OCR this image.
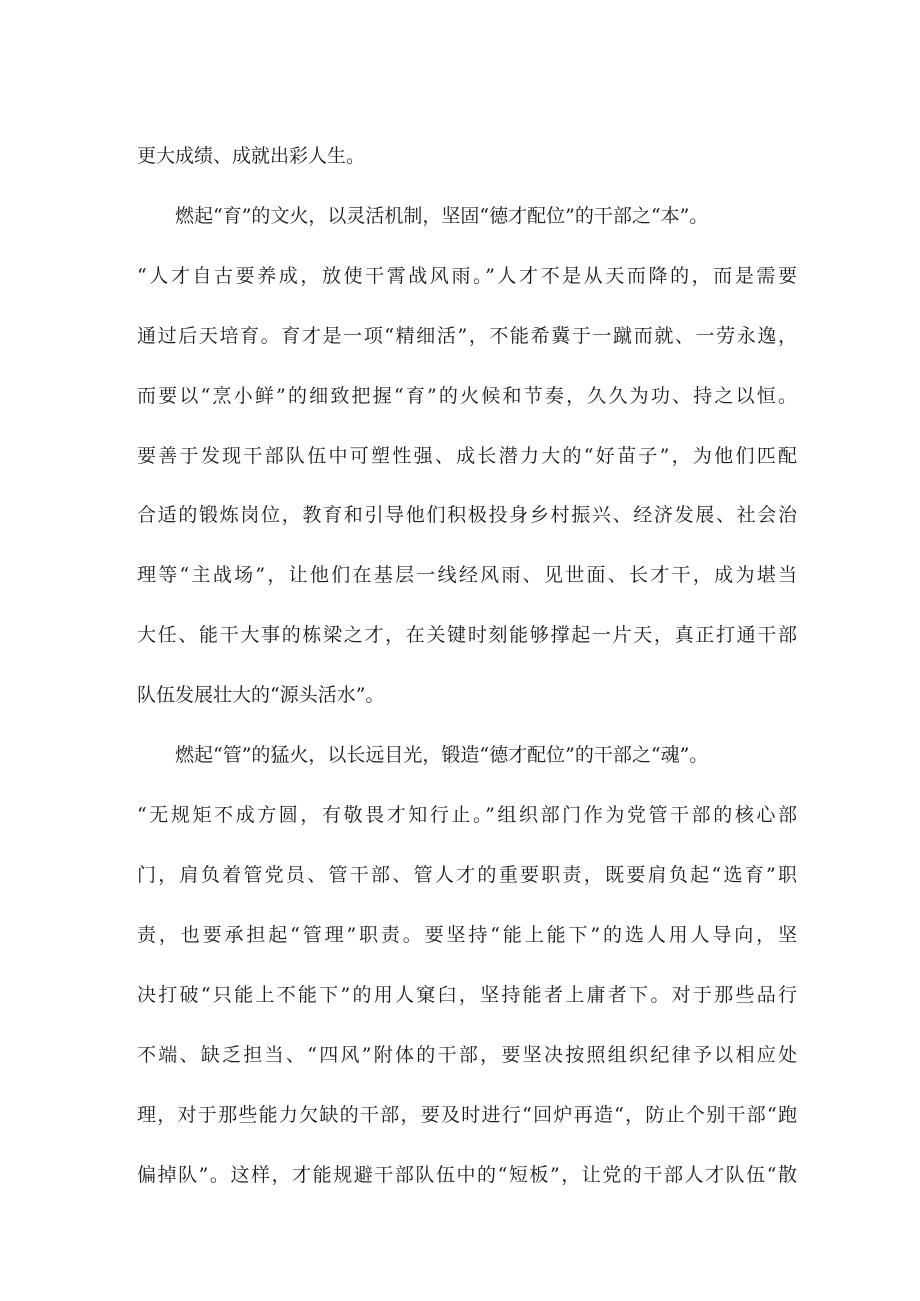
更大成绩、成就出彩人生。
燃起“育”的文火，以灵活机制，坚固“德才配位”的干部之“本”。
“人才自古要养成，放使干霄战风雨。”人才不是从天而降的，而是需要
通过后天培育。育才是一项“精细活”，不能希冀于一蹴而就、一劳永逸，
而要以“烹小鲜”的细致把握“育”的火候和节奏，久久为功、持之以恒。
要善于发现干部队伍中可塑性强、成长潜力大的“好苗子”，为他们匹配
合适的锻炼岗位，教育和引导他们积极投身乡村振兴、经济发展、社会治
理等“主战场”，让他们在基层一线经风雨、见世面、长才干，成为堪当
大任、能干大事的栋梁之才，在关键时刻能够撑起一片天，真正打通干部
队伍发展壮大的“源头活水”。
燃起“管”的猛火，以长远目光，锻造“德才配位”的干部之“魂”。
“无规矩不成方圆，有敬畏才知行止。”组织部门作为党管干部的核心部
门，肩负着管党员、管干部、管人才的重要职责，既要肩负起“选育”职
责，也要承担起“管理”职责。要坚持“能上能下”的选人用人导向，坚
决打破“只能上不能下”的用人窠臼，坚持能者上庸者下。对于那些品行
不端、缺乏担当、“四风”附体的干部，要坚决按照组织纪律予以相应处
理，对于那些能力欠缺的干部，要及时进行“回炉再造“，防止个别干部“跑
偏掉队”。这样，才能规避干部队伍中的“短板”，让党的干部人才队伍“散
